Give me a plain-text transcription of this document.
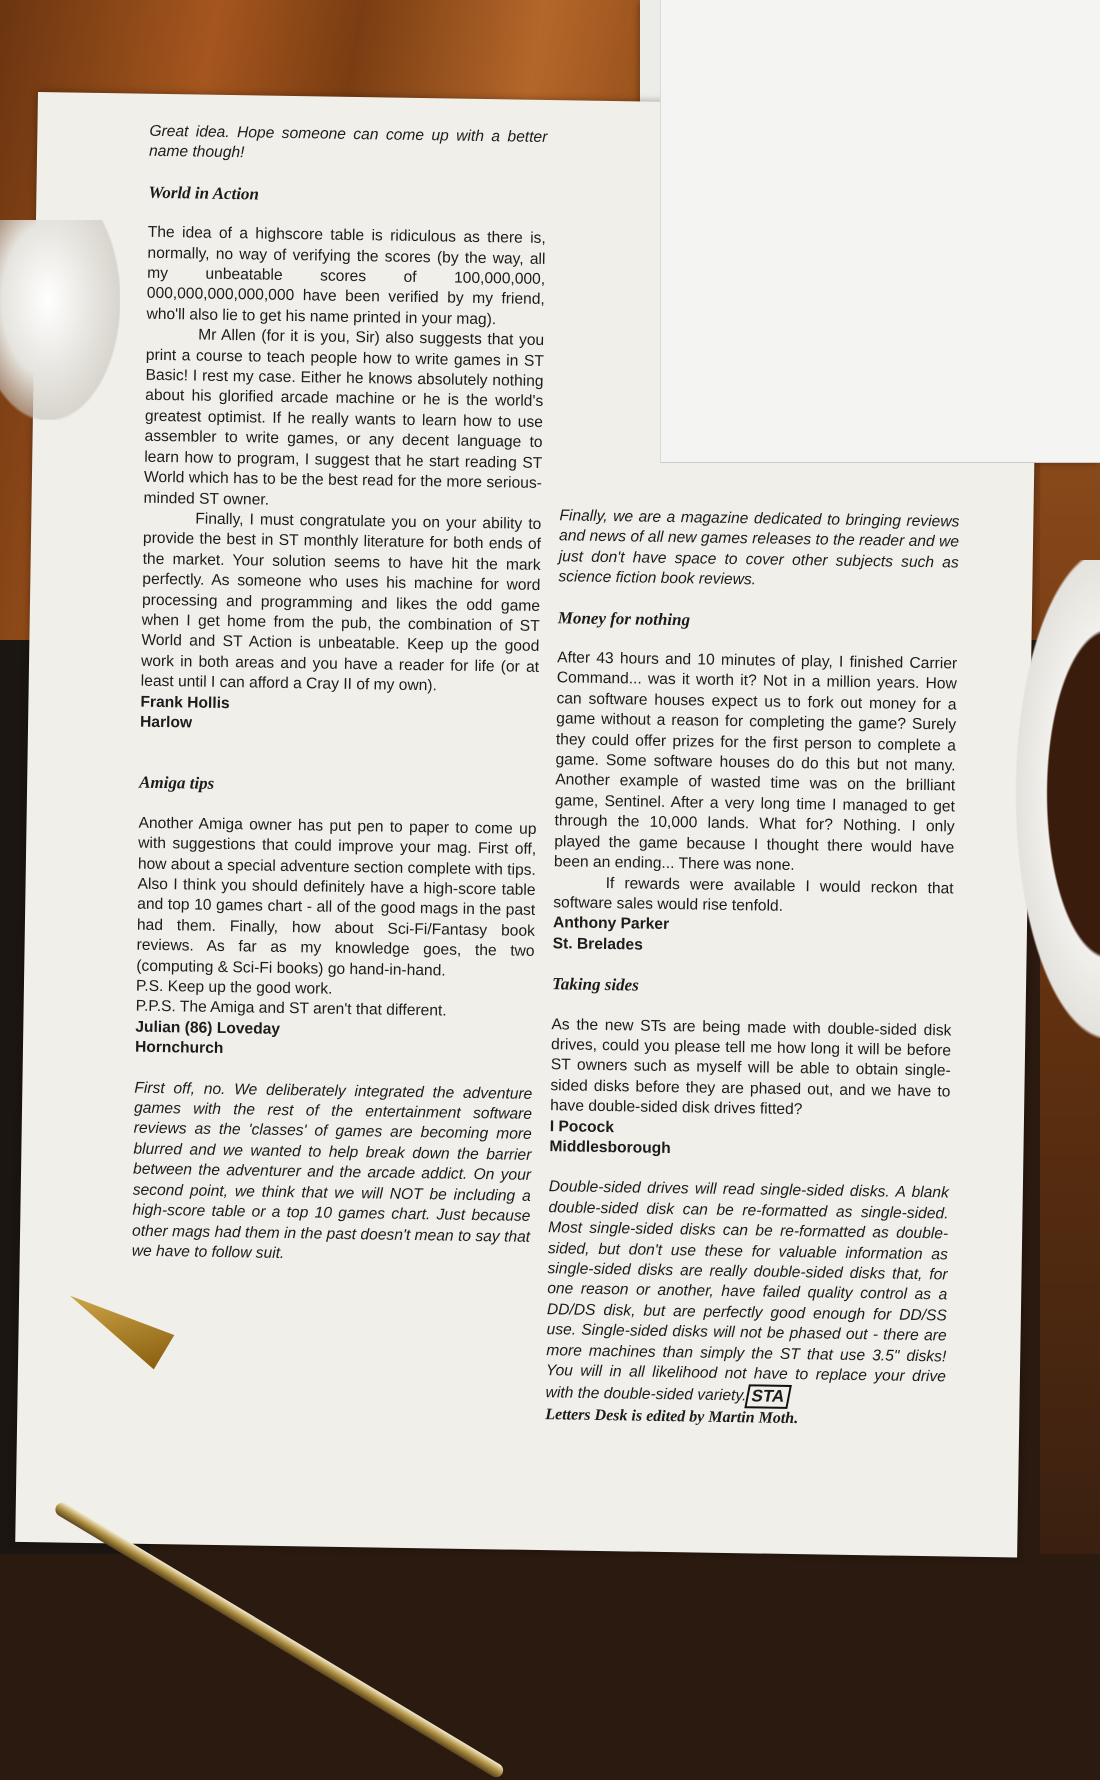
Great idea. Hope someone can come up with a better name though!

World in Action

The idea of a highscore table is ridiculous as there is, normally, no way of verifying the scores (by the way, all my unbeatable scores of 100,000,000, 000,000,000,000,000 have been verified by my friend, who'll also lie to get his name printed in your mag).

Mr Allen (for it is you, Sir) also suggests that you print a course to teach people how to write games in ST Basic! I rest my case. Either he knows absolutely nothing about his glorified arcade machine or he is the world's greatest optimist. If he really wants to learn how to use assembler to write games, or any decent language to learn how to program, I suggest that he start reading ST World which has to be the best read for the more serious-minded ST owner.

Finally, I must congratulate you on your ability to provide the best in ST monthly literature for both ends of the market. Your solution seems to have hit the mark perfectly. As someone who uses his machine for word processing and programming and likes the odd game when I get home from the pub, the combination of ST World and ST Action is unbeatable. Keep up the good work in both areas and you have a reader for life (or at least until I can afford a Cray II of my own).

Frank Hollis

Harlow

Amiga tips

Another Amiga owner has put pen to paper to come up with suggestions that could improve your mag. First off, how about a special adventure section complete with tips. Also I think you should definitely have a high-score table and top 10 games chart - all of the good mags in the past had them. Finally, how about Sci-Fi/Fantasy book reviews. As far as my knowledge goes, the two (computing & Sci-Fi books) go hand-in-hand.

P.S. Keep up the good work.

P.P.S. The Amiga and ST aren't that different.

Julian (86) Loveday

Hornchurch

First off, no. We deliberately integrated the adventure games with the rest of the entertainment software reviews as the 'classes' of games are becoming more blurred and we wanted to help break down the barrier between the adventurer and the arcade addict. On your second point, we think that we will NOT be including a high-score table or a top 10 games chart. Just because other mags had them in the past doesn't mean to say that we have to follow suit.

Finally, we are a magazine dedicated to bringing reviews and news of all new games releases to the reader and we just don't have space to cover other subjects such as science fiction book reviews.

Money for nothing

After 43 hours and 10 minutes of play, I finished Carrier Command... was it worth it? Not in a million years. How can software houses expect us to fork out money for a game without a reason for completing the game? Surely they could offer prizes for the first person to complete a game. Some software houses do do this but not many. Another example of wasted time was on the brilliant game, Sentinel. After a very long time I managed to get through the 10,000 lands. What for? Nothing. I only played the game because I thought there would have been an ending... There was none.

If rewards were available I would reckon that software sales would rise tenfold.

Anthony Parker

St. Brelades

Taking sides

As the new STs are being made with double-sided disk drives, could you please tell me how long it will be before ST owners such as myself will be able to obtain single-sided disks before they are phased out, and we have to have double-sided disk drives fitted?

I Pocock

Middlesborough

Double-sided drives will read single-sided disks. A blank double-sided disk can be re-formatted as single-sided. Most single-sided disks can be re-formatted as double-sided, but don't use these for valuable information as single-sided disks are really double-sided disks that, for one reason or another, have failed quality control as a DD/DS disk, but are perfectly good enough for DD/SS use. Single-sided disks will not be phased out - there are more machines than simply the ST that use 3.5" disks! You will in all likelihood not have to replace your drive with the double-sided variety. STA

Letters Desk is edited by Martin Moth.
